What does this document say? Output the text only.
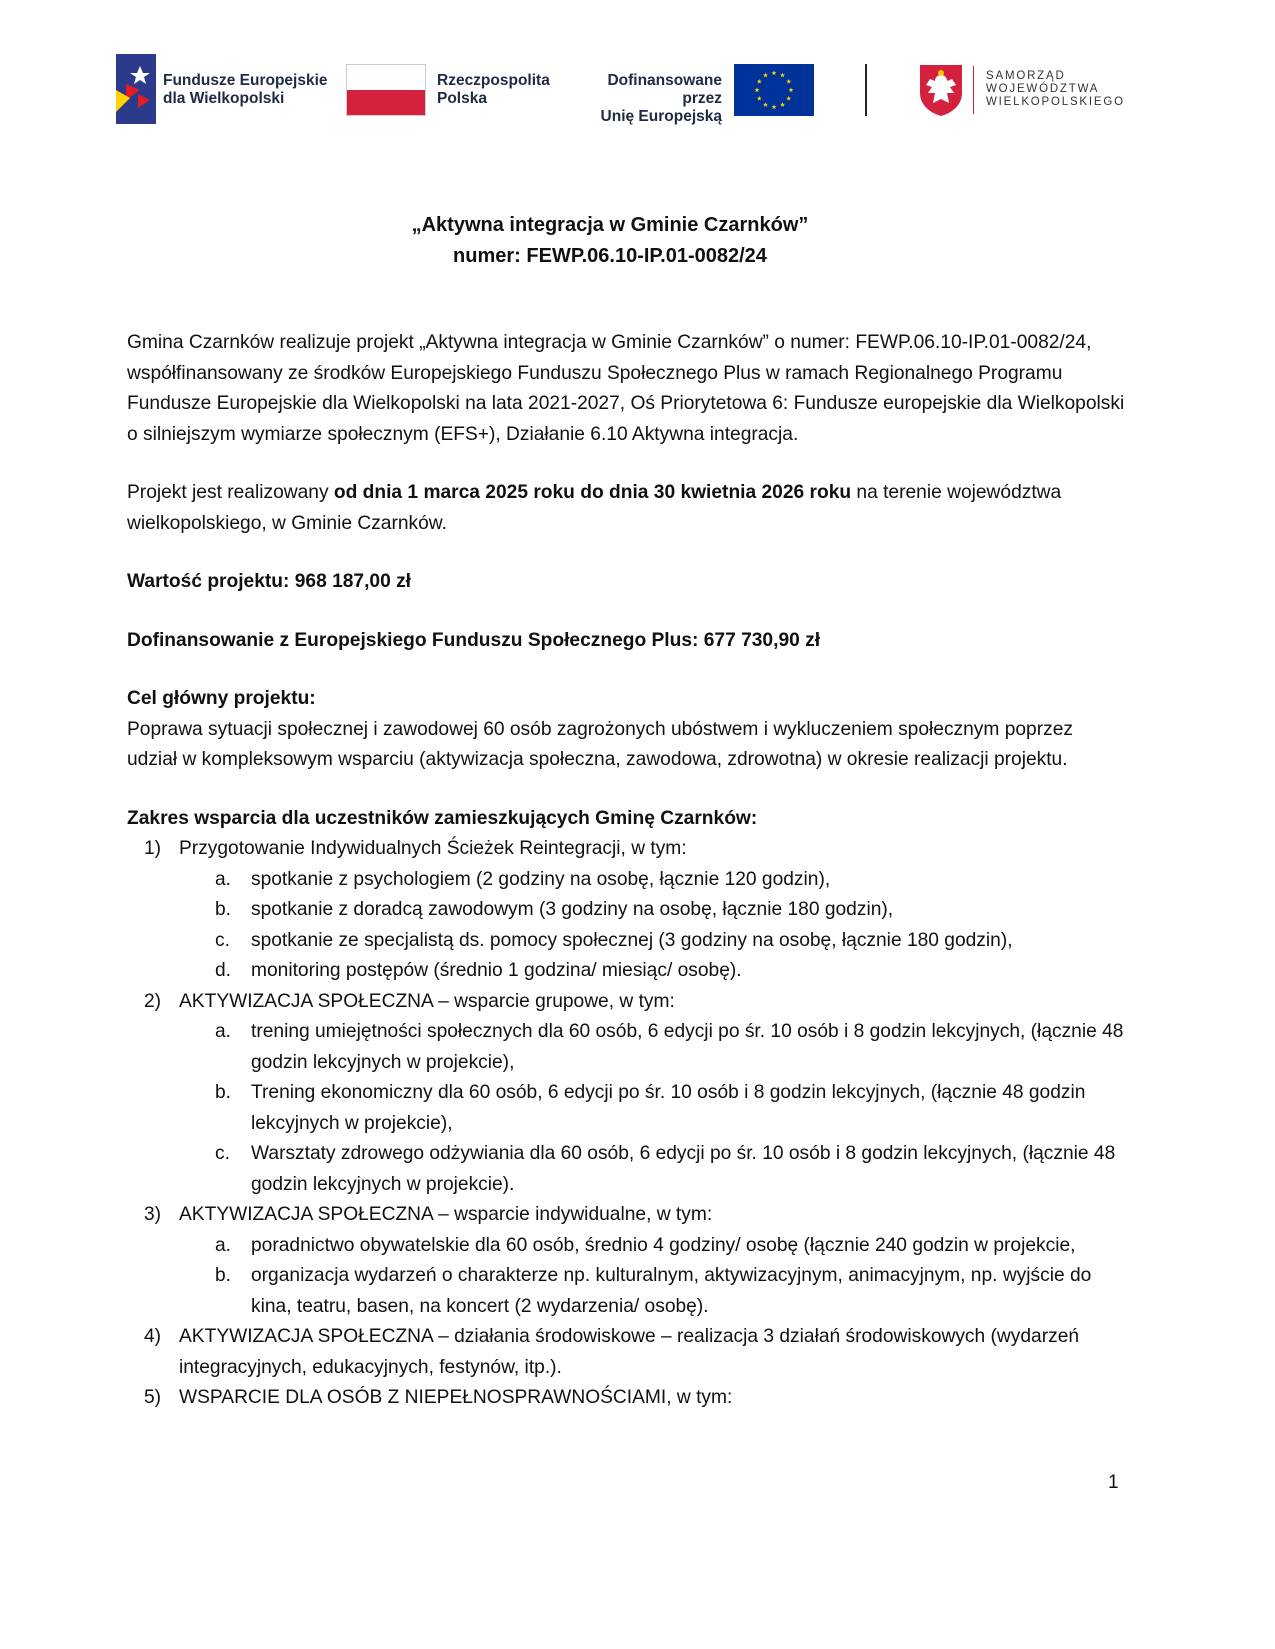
Fundusze Europejskie
dla Wielkopolski
Rzeczpospolita
Polska
Dofinansowane przez
Unię Europejską
SAMORZĄD
WOJEWÓDZTWA
WIELKOPOLSKIEGO
„Aktywna integracja w Gminie Czarnków”
numer: FEWP.06.10-IP.01-0082/24

Gmina Czarnków realizuje projekt „Aktywna integracja w Gminie Czarnków” o numer: FEWP.06.10-IP.01-0082/24, współfinansowany ze środków Europejskiego Funduszu Społecznego Plus w ramach Regionalnego Programu Fundusze Europejskie dla Wielkopolski na lata 2021-2027, Oś Priorytetowa 6: Fundusze europejskie dla Wielkopolski o silniejszym wymiarze społecznym (EFS+), Działanie 6.10 Aktywna integracja.

Projekt jest realizowany od dnia 1 marca 2025 roku do dnia 30 kwietnia 2026 roku na terenie województwa wielkopolskiego, w Gminie Czarnków.

Wartość projektu: 968 187,00 zł

Dofinansowanie z Europejskiego Funduszu Społecznego Plus: 677 730,90 zł

Cel główny projektu:

Poprawa sytuacji społecznej i zawodowej 60 osób zagrożonych ubóstwem i wykluczeniem społecznym poprzez udział w kompleksowym wsparciu (aktywizacja społeczna, zawodowa, zdrowotna) w okresie realizacji projektu.

Zakres wsparcia dla uczestników zamieszkujących Gminę Czarnków:

Przygotowanie Indywidualnych Ścieżek Reintegracji, w tym:
spotkanie z psychologiem (2 godziny na osobę, łącznie 120 godzin),
spotkanie z doradcą zawodowym (3 godziny na osobę, łącznie 180 godzin),
spotkanie ze specjalistą ds. pomocy społecznej (3 godziny na osobę, łącznie 180 godzin),
monitoring postępów (średnio 1 godzina/ miesiąc/ osobę).
AKTYWIZACJA SPOŁECZNA – wsparcie grupowe, w tym:
trening umiejętności społecznych dla 60 osób, 6 edycji po śr. 10 osób i 8 godzin lekcyjnych, (łącznie 48 godzin lekcyjnych w projekcie),
Trening ekonomiczny dla 60 osób, 6 edycji po śr. 10 osób i 8 godzin lekcyjnych, (łącznie 48 godzin lekcyjnych w projekcie),
Warsztaty zdrowego odżywiania dla 60 osób, 6 edycji po śr. 10 osób i 8 godzin lekcyjnych, (łącznie 48 godzin lekcyjnych w projekcie).
AKTYWIZACJA SPOŁECZNA – wsparcie indywidualne, w tym:
poradnictwo obywatelskie dla 60 osób, średnio 4 godziny/ osobę (łącznie 240 godzin w projekcie,
organizacja wydarzeń o charakterze np. kulturalnym, aktywizacyjnym, animacyjnym, np. wyjście do kina, teatru, basen, na koncert (2 wydarzenia/ osobę).
AKTYWIZACJA SPOŁECZNA – działania środowiskowe – realizacja 3 działań środowiskowych (wydarzeń integracyjnych, edukacyjnych, festynów, itp.).
WSPARCIE DLA OSÓB Z NIEPEŁNOSPRAWNOŚCIAMI, w tym:
1
